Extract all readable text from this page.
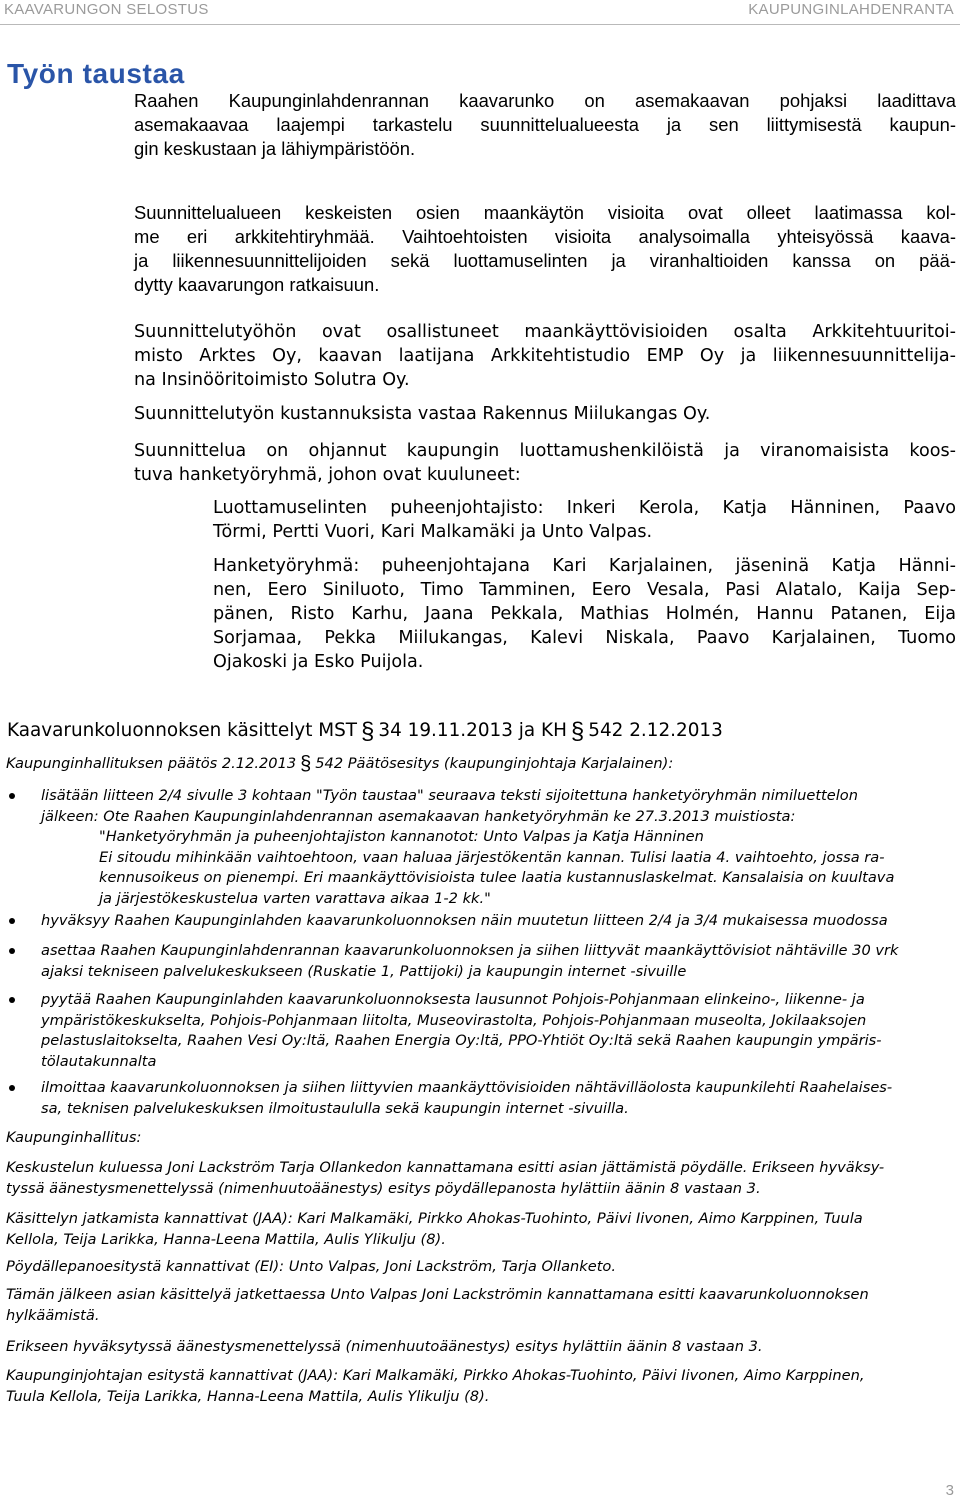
KAAVARUNGON SELOSTUS	KAUPUNGINLAHDENRANTA
Työn taustaa
Raahen Kaupunginlahdenrannan kaavarunko on asemakaavan pohjaksi laadittava
asemakaavaa laajempi tarkastelu suunnittelualueesta ja sen liittymisestä kaupun-
gin keskustaan ja lähiympäristöön.
Suunnittelualueen keskeisten osien maankäytön visioita ovat olleet laatimassa kol-
me eri arkkitehtiryhmää. Vaihtoehtoisten visioita analysoimalla yhteisyössä kaava-
ja liikennesuunnittelijoiden sekä luottamuselinten ja viranhaltioiden kanssa on pää-
dytty kaavarungon ratkaisuun.
Suunnittelutyöhön ovat osallistuneet maankäyttövisioiden osalta Arkkitehtuuritoi-
misto Arktes Oy, kaavan laatijana Arkkitehtistudio EMP Oy ja liikennesuunnittelija-
na Insinööritoimisto Solutra Oy.
Suunnittelutyön kustannuksista vastaa Rakennus Miilukangas Oy.
Suunnittelua on ohjannut kaupungin luottamushenkilöistä ja viranomaisista koos-
tuva hanketyöryhmä, johon ovat kuuluneet:
Luottamuselinten puheenjohtajisto: Inkeri Kerola, Katja Hänninen, Paavo
Törmi, Pertti Vuori, Kari Malkamäki ja Unto Valpas.
Hanketyöryhmä: puheenjohtajana Kari Karjalainen, jäseninä Katja Hänni-
nen, Eero Siniluoto, Timo Tamminen, Eero Vesala, Pasi Alatalo, Kaija Sep-
pänen, Risto Karhu, Jaana Pekkala, Mathias Holmén, Hannu Patanen, Eija
Sorjamaa, Pekka Miilukangas, Kalevi Niskala, Paavo Karjalainen, Tuomo
Ojakoski ja Esko Puijola.
Kaavarunkoluonnoksen käsittelyt MST § 34 19.11.2013 ja KH § 542 2.12.2013
Kaupunginhallituksen päätös 2.12.2013 § 542 Päätösesitys (kaupunginjohtaja Karjalainen):
lisätään liitteen 2/4 sivulle 3 kohtaan "Työn taustaa" seuraava teksti sijoitettuna hanketyöryhmän nimiluettelon
jälkeen: Ote Raahen Kaupunginlahdenrannan asemakaavan hanketyöryhmän ke 27.3.2013 muistiosta:
"Hanketyöryhmän ja puheenjohtajiston kannanotot: Unto Valpas ja Katja Hänninen
Ei sitoudu mihinkään vaihtoehtoon, vaan haluaa järjestökentän kannan. Tulisi laatia 4. vaihtoehto, jossa ra-
kennusoikeus on pienempi. Eri maankäyttövisioista tulee laatia kustannuslaskelmat. Kansalaisia on kuultava
ja järjestökeskustelua varten varattava aikaa 1-2 kk."
hyväksyy Raahen Kaupunginlahden kaavarunkoluonnoksen näin muutetun liitteen 2/4 ja 3/4 mukaisessa muodossa
asettaa Raahen Kaupunginlahdenrannan kaavarunkoluonnoksen ja siihen liittyvät maankäyttövisiot nähtäville 30 vrk
ajaksi tekniseen palvelukeskukseen (Ruskatie 1, Pattijoki) ja kaupungin internet -sivuille
pyytää Raahen Kaupunginlahden kaavarunkoluonnoksesta lausunnot Pohjois-Pohjanmaan elinkeino-, liikenne- ja
ympäristökeskukselta, Pohjois-Pohjanmaan liitolta, Museovirastolta, Pohjois-Pohjanmaan museolta, Jokilaaksojen
pelastuslaitokselta, Raahen Vesi Oy:ltä, Raahen Energia Oy:ltä, PPO-Yhtiöt Oy:ltä sekä Raahen kaupungin ympäris-
tölautakunnalta
ilmoittaa kaavarunkoluonnoksen ja siihen liittyvien maankäyttövisioiden nähtävilläolosta kaupunkilehti Raahelaises-
sa, teknisen palvelukeskuksen ilmoitustaululla sekä kaupungin internet -sivuilla.
Kaupunginhallitus:
Keskustelun kuluessa Joni Lackström Tarja Ollankedon kannattamana esitti asian jättämistä pöydälle. Erikseen hyväksy-
tyssä äänestysmenettelyssä (nimenhuutoäänestys) esitys pöydällepanosta hylättiin äänin 8 vastaan 3.
Käsittelyn jatkamista kannattivat (JAA): Kari Malkamäki, Pirkko Ahokas-Tuohinto, Päivi Iivonen, Aimo Karppinen, Tuula
Kellola, Teija Larikka, Hanna-Leena Mattila, Aulis Ylikulju (8).
Pöydällepanoesitystä kannattivat (EI): Unto Valpas, Joni Lackström, Tarja Ollanketo.
Tämän jälkeen asian käsittelyä jatkettaessa Unto Valpas Joni Lackströmin kannattamana esitti kaavarunkoluonnoksen
hylkäämistä.
Erikseen hyväksytyssä äänestysmenettelyssä (nimenhuutoäänestys) esitys hylättiin äänin 8 vastaan 3.
Kaupunginjohtajan esitystä kannattivat (JAA): Kari Malkamäki, Pirkko Ahokas-Tuohinto, Päivi Iivonen, Aimo Karppinen,
Tuula Kellola, Teija Larikka, Hanna-Leena Mattila, Aulis Ylikulju (8).
3
